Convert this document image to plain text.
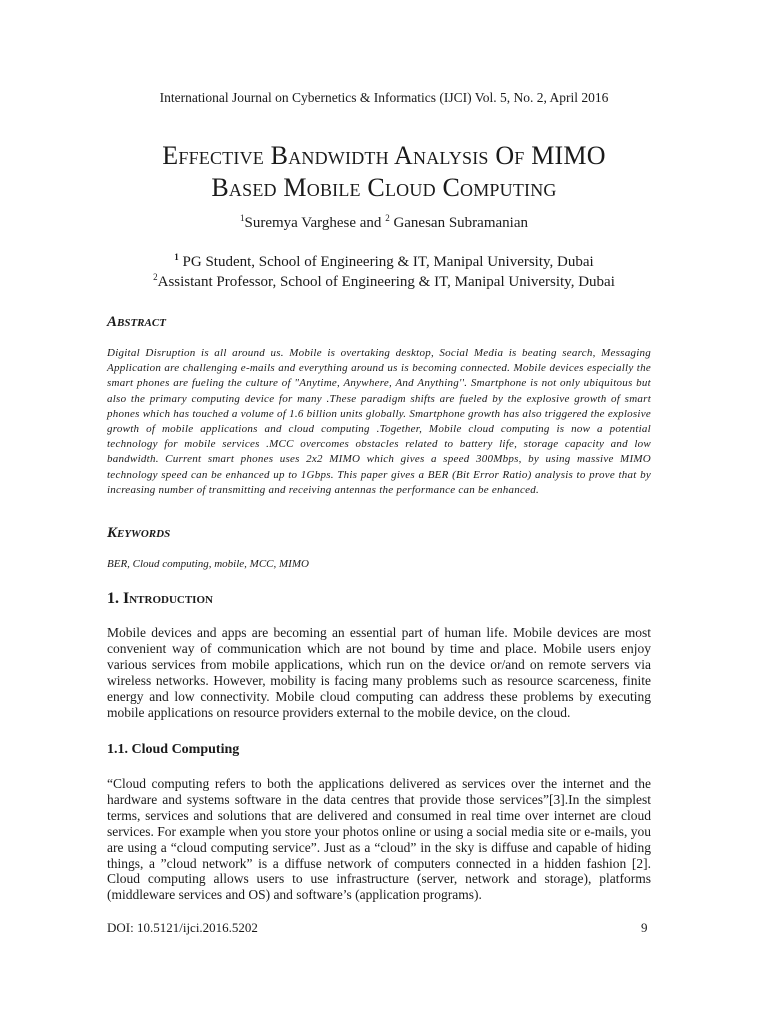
International Journal on Cybernetics & Informatics (IJCI) Vol. 5, No. 2, April 2016
Effective Bandwidth Analysis Of MIMO
Based Mobile Cloud Computing
$^1$Suremya Varghese and $^2$ Ganesan Subramanian
$^1$ PG Student, School of Engineering & IT, Manipal University, Dubai
$^2$Assistant Professor, School of Engineering & IT, Manipal University, Dubai
Abstract
Digital Disruption is all around us. Mobile is overtaking desktop, Social Media is beating search, Messaging Application are challenging e-mails and everything around us is becoming connected. Mobile devices especially the smart phones are fueling the culture of "Anytime, Anywhere, And Anything''. Smartphone is not only ubiquitous but also the primary computing device for many .These paradigm shifts are fueled by the explosive growth of smart phones which has touched a volume of 1.6 billion units globally. Smartphone growth has also triggered the explosive growth of mobile applications and cloud computing .Together, Mobile cloud computing is now a potential technology for mobile services .MCC overcomes obstacles related to battery life, storage capacity and low bandwidth. Current smart phones uses 2x2 MIMO which gives a speed 300Mbps, by using massive MIMO technology speed can be enhanced up to 1Gbps. This paper gives a BER (Bit Error Ratio) analysis to prove that by increasing number of transmitting and receiving antennas the performance can be enhanced.
Keywords
BER, Cloud computing, mobile, MCC, MIMO
1. Introduction
Mobile devices and apps are becoming an essential part of human life. Mobile devices are most convenient way of communication which are not bound by time and place. Mobile users enjoy various services from mobile applications, which run on the device or/and on remote servers via wireless networks. However, mobility is facing many problems such as resource scarceness, finite energy and low connectivity. Mobile cloud computing can address these problems by executing mobile applications on resource providers external to the mobile device, on the cloud.
1.1. Cloud Computing
“Cloud computing refers to both the applications delivered as services over the internet and the hardware and systems software in the data centres that provide those services”[3].In the simplest terms, services and solutions that are delivered and consumed in real time over internet are cloud services. For example when you store your photos online or using a social media site or e-mails, you are using a “cloud computing service”. Just as a “cloud” in the sky is diffuse and capable of hiding things, a ”cloud network” is a diffuse network of computers connected in a hidden fashion [2]. Cloud computing allows users to use infrastructure (server, network and storage), platforms (middleware services and OS) and software’s (application programs).
DOI: 10.5121/ijci.2016.5202	9
